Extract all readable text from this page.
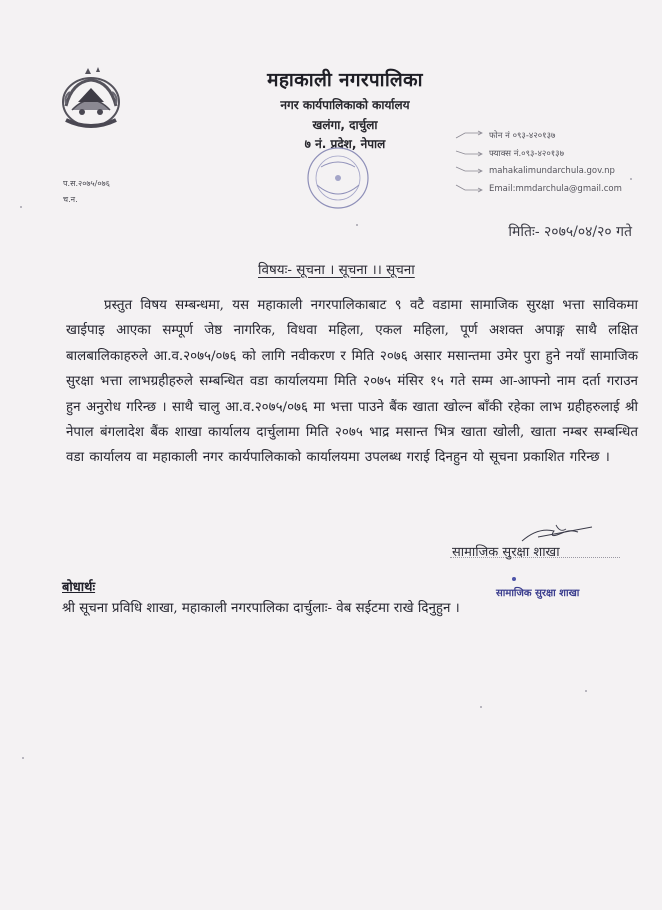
महाकाली नगरपालिका
नगर कार्यपालिकाको कार्यालय
खलंगा, दार्चुला
७ नं. प्रदेश, नेपाल
फोन नं ०९३-४२०१३७
फ्याक्स नं.०९३-४२०१३७
mahakalimundarchula.gov.np
Email:mmdarchula@gmail.com
प.स.२०७५/०७६
च.न.
मितिः- २०७५/०४/२० गते
विषयः- सूचना । सूचना ।। सूचना
प्रस्तुत विषय सम्बन्धमा, यस महाकाली नगरपालिकाबाट ९ वटै वडामा सामाजिक सुरक्षा भत्ता साविकमा खाईपाइ आएका सम्पूर्ण जेष्ठ नागरिक, विधवा महिला, एकल महिला, पूर्ण अशक्त अपाङ्ग साथै लक्षित बालबालिकाहरुले आ.व.२०७५/०७६ को लागि नवीकरण र मिति २०७६ असार मसान्तमा उमेर पुरा हुने नयाँ सामाजिक सुरक्षा भत्ता लाभग्रहीहरुले सम्बन्धित वडा कार्यालयमा मिति २०७५ मंसिर १५ गते सम्म आ-आफ्नो नाम दर्ता गराउन हुन अनुरोध गरिन्छ । साथै चालु आ.व.२०७५/०७६ मा भत्ता पाउने बैंक खाता खोल्न बाँकी रहेका लाभ ग्रहीहरुलाई श्री नेपाल बंगलादेश बैंक शाखा कार्यालय दार्चुलामा मिति २०७५ भाद्र मसान्त भित्र खाता खोली, खाता नम्बर सम्बन्धित वडा कार्यालय वा महाकाली नगर कार्यपालिकाको कार्यालयमा उपलब्ध गराई दिनहुन यो सूचना प्रकाशित गरिन्छ ।
सामाजिक सुरक्षा शाखा
सामाजिक सुरक्षा शाखा
बोधार्थः
श्री सूचना प्रविधि शाखा, महाकाली नगरपालिका दार्चुलाः- वेब सईटमा राखे दिनुहुन ।
